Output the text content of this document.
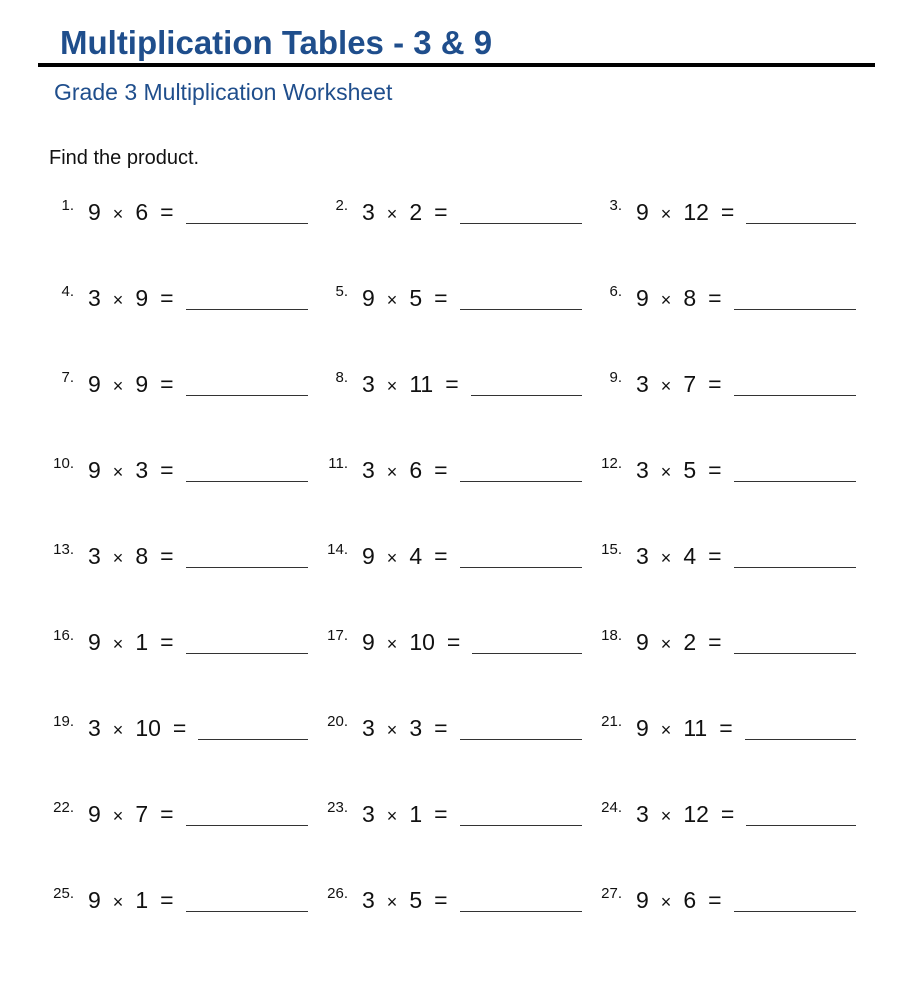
Multiplication Tables - 3 & 9
Grade 3 Multiplication Worksheet

Find the product.

1. 9 × 6 =	2. 3 × 2 =	3. 9 × 12 =
4. 3 × 9 =	5. 9 × 5 =	6. 9 × 8 =
7. 9 × 9 =	8. 3 × 11 =	9. 3 × 7 =
10. 9 × 3 =	11. 3 × 6 =	12. 3 × 5 =
13. 3 × 8 =	14. 9 × 4 =	15. 3 × 4 =
16. 9 × 1 =	17. 9 × 10 =	18. 9 × 2 =
19. 3 × 10 =	20. 3 × 3 =	21. 9 × 11 =
22. 9 × 7 =	23. 3 × 1 =	24. 3 × 12 =
25. 9 × 1 =	26. 3 × 5 =	27. 9 × 6 =
